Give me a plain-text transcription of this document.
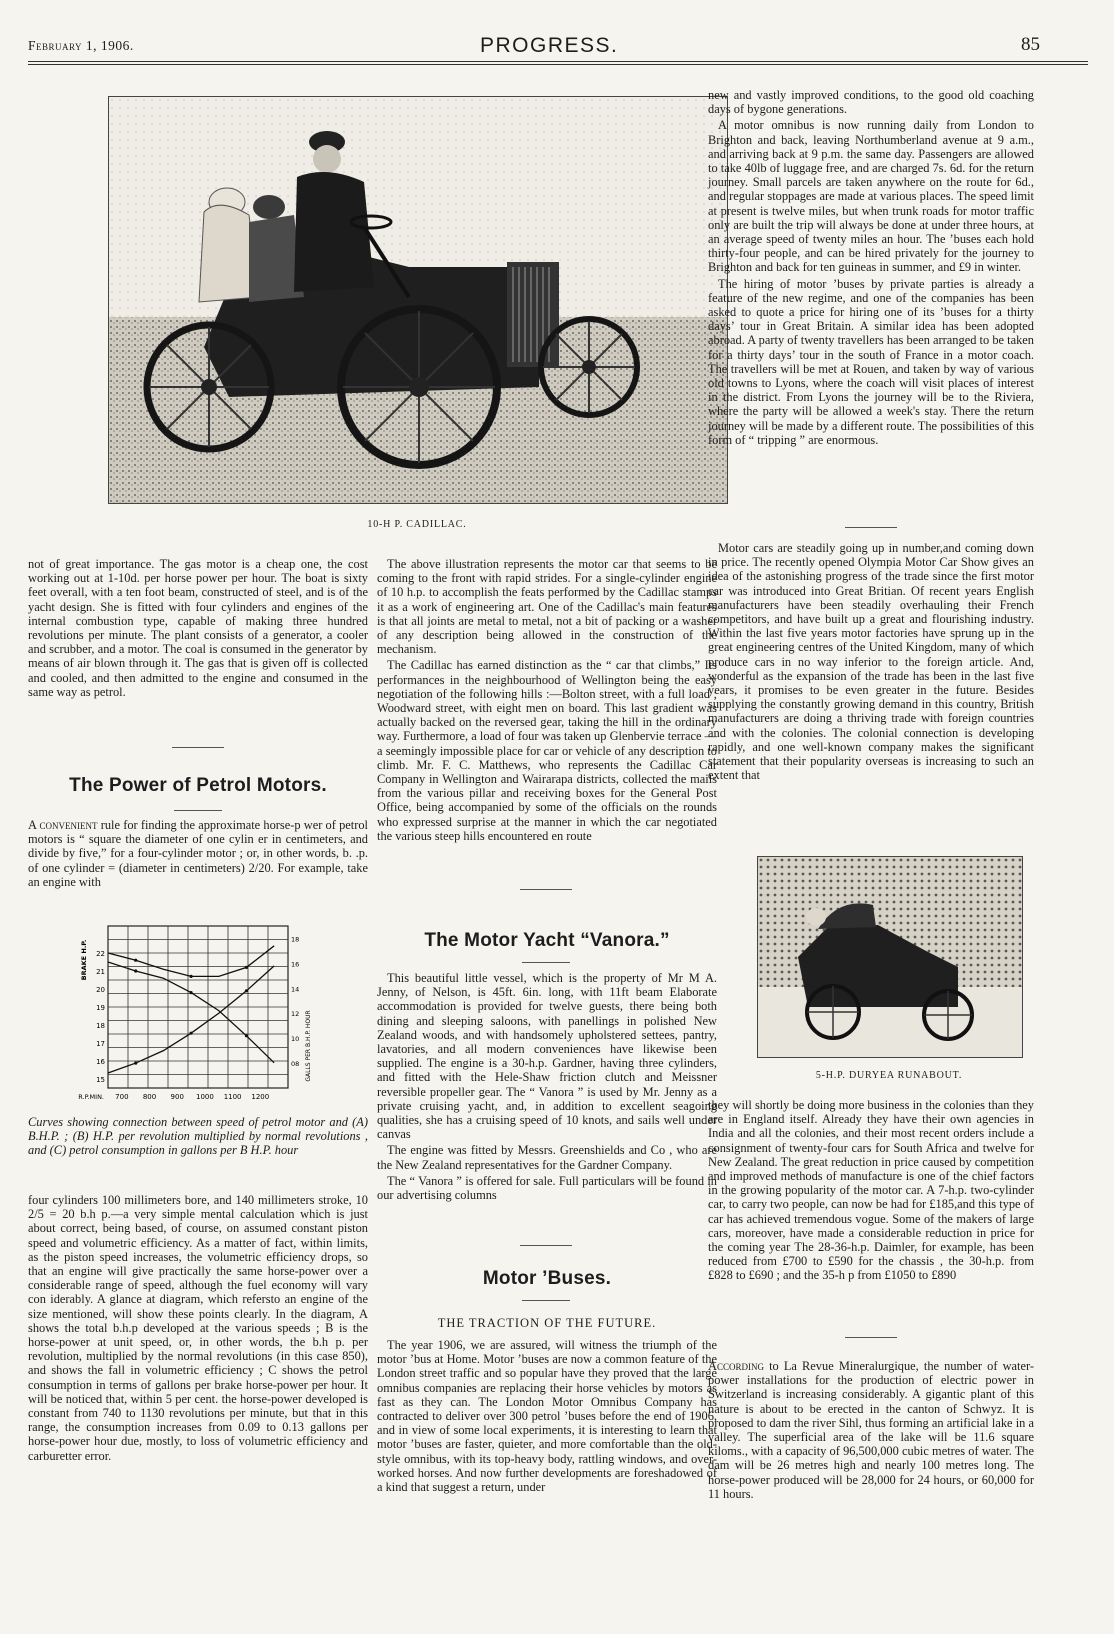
February 1, 1906.	PROGRESS.	85
10-H P. CADILLAC.

not of great importance. The gas motor is a cheap one, the cost working out at 1-10d. per horse power per hour. The boat is sixty feet overall, with a ten foot beam, constructed of steel, and is of the yacht design. She is fitted with four cylinders and engines of the internal combustion type, capable of making three hundred revolutions per minute. The plant consists of a generator, a cooler and scrubber, and a motor. The coal is consumed in the generator by means of air blown through it. The gas that is given off is collected and cooled, and then admitted to the engine and consumed in the same way as petrol.

The Power of Petrol Motors.

A convenient rule for finding the approximate horse-p wer of petrol motors is “ square the diameter of one cylin er in centimeters, and divide by five,” for a four-cylinder motor ; or, in other words, b. .p. of one cylinder = (diameter in centimeters) 2/20. For example, take an engine with

R.P.MIN. 700 800 900 1000 1100 1200
15
16
17
18
19
20
21
22
08
10
12
14
16
18
BRAKE H.P.
GALLS PER B.H.P. HOUR
Curves showing connection between speed of petrol motor and (A) B.H.P. ; (B) H.P. per revolution multiplied by normal revolutions , and (C) petrol consumption in gallons per B H.P. hour

four cylinders 100 millimeters bore, and 140 millimeters stroke, 10 2/5 = 20 b.h p.—a very simple mental calculation which is just about correct, being based, of course, on assumed constant piston speed and volumetric efficiency. As a matter of fact, within limits, as the piston speed increases, the volumetric efficiency drops, so that an engine will give practically the same horse-power over a considerable range of speed, although the fuel economy will vary con iderably. A glance at diagram, which refersto an engine of the size mentioned, will show these points clearly. In the diagram, A shows the total b.h.p developed at the various speeds ; B is the horse-power at unit speed, or, in other words, the b.h p. per revolution, multiplied by the normal revolutions (in this case 850), and shows the fall in volumetric efficiency ; C shows the petrol consumption in terms of gallons per brake horse-power per hour. It will be noticed that, within 5 per cent. the horse-power developed is constant from 740 to 1130 revolutions per minute, but that in this range, the consumption increases from 0.09 to 0.13 gallons per horse-power hour due, mostly, to loss of volumetric efficiency and carburetter error.

The above illustration represents the motor car that seems to be coming to the front with rapid strides. For a single-cylinder engine of 10 h.p. to accomplish the feats performed by the Cadillac stamps it as a work of engineering art. One of the Cadillac's main features is that all joints are metal to metal, not a bit of packing or a washer of any description being allowed in the construction of the mechanism.

The Cadillac has earned distinction as the “ car that climbs,” Its performances in the neighbourhood of Wellington being the easy negotiation of the following hills :—Bolton street, with a full load ; Woodward street, with eight men on board. This last gradient was actually backed on the reversed gear, taking the hill in the ordinary way. Furthermore, a load of four was taken up Glenbervie terrace —a seemingly impossible place for car or vehicle of any description to climb. Mr. F. C. Matthews, who represents the Cadillac Car Company in Wellington and Wairarapa districts, collected the mails from the various pillar and receiving boxes for the General Post Office, being accompanied by some of the officials on the rounds who expressed surprise at the manner in which the car negotiated the various steep hills encountered en route

The Motor Yacht “Vanora.”

This beautiful little vessel, which is the property of Mr M A. Jenny, of Nelson, is 45ft. 6in. long, with 11ft beam Elaborate accommodation is provided for twelve guests, there being both dining and sleeping saloons, with panellings in polished New Zealand woods, and with handsomely upholstered settees, pantry, lavatories, and all modern conveniences have likewise been supplied. The engine is a 30-h.p. Gardner, having three cylinders, and fitted with the Hele-Shaw friction clutch and Meissner reversible propeller gear. The “ Vanora ” is used by Mr. Jenny as a private cruising yacht, and, in addition to excellent seagoing qualities, she has a cruising speed of 10 knots, and sails well under canvas

The engine was fitted by Messrs. Greenshields and Co , who are the New Zealand representatives for the Gardner Company.

The “ Vanora ” is offered for sale. Full particulars will be found in our advertising columns

Motor ’Buses.
THE TRACTION OF THE FUTURE.

The year 1906, we are assured, will witness the triumph of the motor ’bus at Home. Motor ’buses are now a common feature of the London street traffic and so popular have they proved that the large omnibus companies are replacing their horse vehicles by motors as fast as they can. The London Motor Omnibus Company has contracted to deliver over 300 petrol ’buses before the end of 1906, and in view of some local experiments, it is interesting to learn that motor ’buses are faster, quieter, and more comfortable than the old-style omnibus, with its top-heavy body, rattling windows, and over-worked horses. And now further developments are foreshadowed of a kind that suggest a return, under

new and vastly improved conditions, to the good old coaching days of bygone generations.

A motor omnibus is now running daily from London to Brighton and back, leaving Northumberland avenue at 9 a.m., and arriving back at 9 p.m. the same day. Passengers are allowed to take 40lb of luggage free, and are charged 7s. 6d. for the return journey. Small parcels are taken anywhere on the route for 6d., and regular stoppages are made at various places. The speed limit at present is twelve miles, but when trunk roads for motor traffic only are built the trip will always be done at under three hours, at an average speed of twenty miles an hour. The ’buses each hold thirty-four people, and can be hired privately for the journey to Brighton and back for ten guineas in summer, and £9 in winter.

The hiring of motor ’buses by private parties is already a feature of the new regime, and one of the companies has been asked to quote a price for hiring one of its ’buses for a thirty days’ tour in Great Britain. A similar idea has been adopted abroad. A party of twenty travellers has been arranged to be taken for a thirty days’ tour in the south of France in a motor coach. The travellers will be met at Rouen, and taken by way of various old towns to Lyons, where the coach will visit places of interest in the district. From Lyons the journey will be to the Riviera, where the party will be allowed a week's stay. There the return journey will be made by a different route. The possibilities of this form of “ tripping ” are enormous.

Motor cars are steadily going up in number,and coming down in price. The recently opened Olympia Motor Car Show gives an idea of the astonishing progress of the trade since the first motor car was introduced into Great Britian. Of recent years English manufacturers have been steadily overhauling their French competitors, and have built up a great and flourishing industry. Within the last five years motor factories have sprung up in the great engineering centres of the United Kingdom, many of which produce cars in no way inferior to the foreign article. And, wonderful as the expansion of the trade has been in the last five years, it promises to be even greater in the future. Besides supplying the constantly growing demand in this country, British manufacturers are doing a thriving trade with foreign countries and with the colonies. The colonial connection is developing rapidly, and one well-known company makes the significant statement that their popularity overseas is increasing to such an extent that

5-H.P. DURYEA RUNABOUT.

they will shortly be doing more business in the colonies than they are in England itself. Already they have their own agencies in India and all the colonies, and their most recent orders include a consignment of twenty-four cars for South Africa and twelve for New Zealand. The great reduction in price caused by competition and improved methods of manufacture is one of the chief factors in the growing popularity of the motor car. A 7-h.p. two-cylinder car, to carry two people, can now be had for £185,and this type of car has achieved tremendous vogue. Some of the makers of large cars, moreover, have made a considerable reduction in price for the coming year The 28-36-h.p. Daimler, for example, has been reduced from £700 to £590 for the chassis , the 30-h.p. from £828 to £690 ; and the 35-h p from £1050 to £890

According to La Revue Mineralurgique, the number of water-power installations for the production of electric power in Switzerland is increasing considerably. A gigantic plant of this nature is about to be erected in the canton of Schwyz. It is proposed to dam the river Sihl, thus forming an artificial lake in a valley. The superficial area of the lake will be 11.6 square kiloms., with a capacity of 96,500,000 cubic metres of water. The dam will be 26 metres high and nearly 100 metres long. The horse-power produced will be 28,000 for 24 hours, or 60,000 for 11 hours.
